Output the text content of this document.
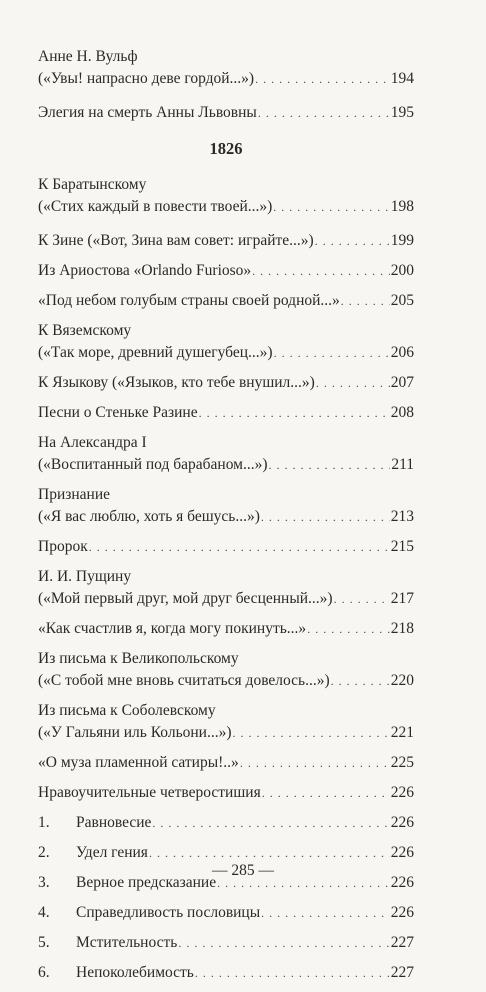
Анне Н. Вульф
(«Увы! напрасно деве гордой...») . . .	194
Элегия на смерть Анны Львовны . . .	195
1826
К Баратынскому
(«Стих каждый в повести твоей...») . . .	198
К Зине («Вот, Зина вам совет: играйте...») . . .	199
Из Ариостова «Orlando Furioso» . . .	200
«Под небом голубым страны своей родной...» . . .	205
К Вяземскому
(«Так море, древний душегубец...») . . .	206
К Языкову («Языков, кто тебе внушил...») . . .	207
Песни о Стеньке Разине . . .	208
На Александра I
(«Воспитанный под барабаном...») . . .	211
Признание
(«Я вас люблю, хоть я бешусь...») . . .	213
Пророк . . .	215
И. И. Пущину
(«Мой первый друг, мой друг бесценный...») . . .	217
«Как счастлив я, когда могу покинуть...» . . .	218
Из письма к Великопольскому
(«С тобой мне вновь считаться довелось...») . . .	220
Из письма к Соболевскому
(«У Гальяни иль Кольони...») . . .	221
«О муза пламенной сатиры!..» . . .	225
Нравоучительные четверостишия . . .	226
1.	Равновесие . . .	226
2.	Удел гения . . .	226
3.	Верное предсказание . . .	226
4.	Справедливость пословицы . . .	226
5.	Мстительность . . .	227
6.	Непоколебимость . . .	227
— 285 —
